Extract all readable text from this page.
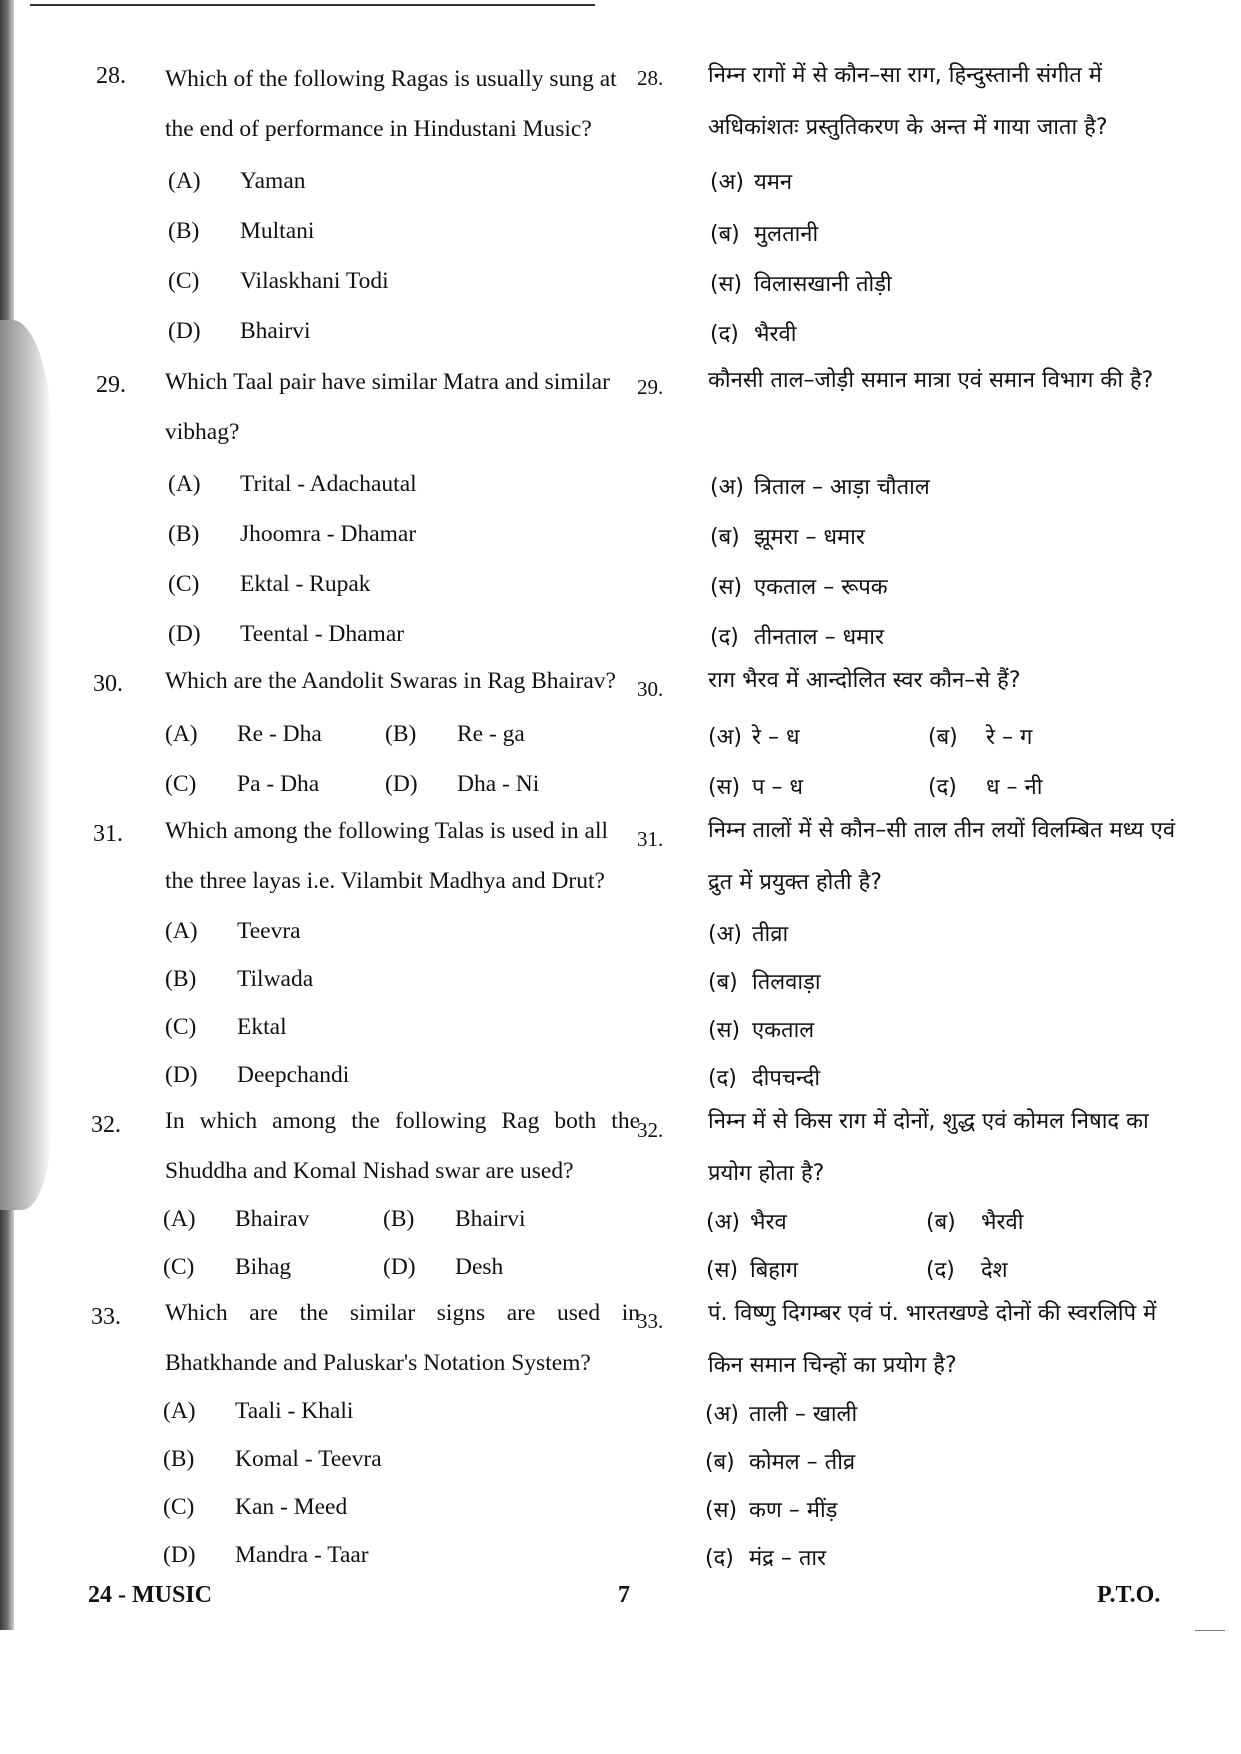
28. Which of the following Ragas is usually sung at the end of performance in Hindustani Music?

28. निम्न रागों में से कौन–सा राग, हिन्दुस्तानी संगीत में अधिकांशतः प्रस्तुतिकरण के अन्त में गाया जाता है?

(A) Yaman
(B) Multani
(C) Vilaskhani Todi
(D) Bhairvi
(अ) यमन
(ब) मुलतानी
(स) विलासखानी तोड़ी
(द) भैरवी
29. Which Taal pair have similar Matra and similar vibhag?

29. कौनसी ताल–जोड़ी समान मात्रा एवं समान विभाग की है?

(A) Trital - Adachautal
(B) Jhoomra - Dhamar
(C) Ektal - Rupak
(D) Teental - Dhamar
(अ) त्रिताल – आड़ा चौताल
(ब) झूमरा – धमार
(स) एकताल – रूपक
(द) तीनताल – धमार
30. Which are the Aandolit Swaras in Rag Bhairav?	30. राग भैरव में आन्दोलित स्वर कौन–से हैं?

(A) Re - Dha	(B) Re - ga
(C) Pa - Dha	(D) Dha - Ni
(अ) रे – ध	(ब) रे – ग
(स) प – ध	(द) ध – नी
31. Which among the following Talas is used in all the three layas i.e. Vilambit Madhya and Drut?

31. निम्न तालों में से कौन–सी ताल तीन लयों विलम्बित मध्य एवं द्रुत में प्रयुक्त होती है?

(A) Teevra
(B) Tilwada
(C) Ektal
(D) Deepchandi
(अ) तीव्रा
(ब) तिलवाड़ा
(स) एकताल
(द) दीपचन्दी
32. In which among the following Rag both the Shuddha and Komal Nishad swar are used?

32. निम्न में से किस राग में दोनों, शुद्ध एवं कोमल निषाद का प्रयोग होता है?

(A) Bhairav	(B) Bhairvi
(C) Bihag	(D) Desh
(अ) भैरव	(ब) भैरवी
(स) बिहाग	(द) देश
33. Which are the similar signs are used in Bhatkhande and Paluskar's Notation System?

33. पं. विष्णु दिगम्बर एवं पं. भारतखण्डे दोनों की स्वरलिपि में किन समान चिन्हों का प्रयोग है?

(A) Taali - Khali
(B) Komal - Teevra
(C) Kan - Meed
(D) Mandra - Taar
(अ) ताली – खाली
(ब) कोमल – तीव्र
(स) कण – मींड़
(द) मंद्र – तार
24 - MUSIC	7	P.T.O.
